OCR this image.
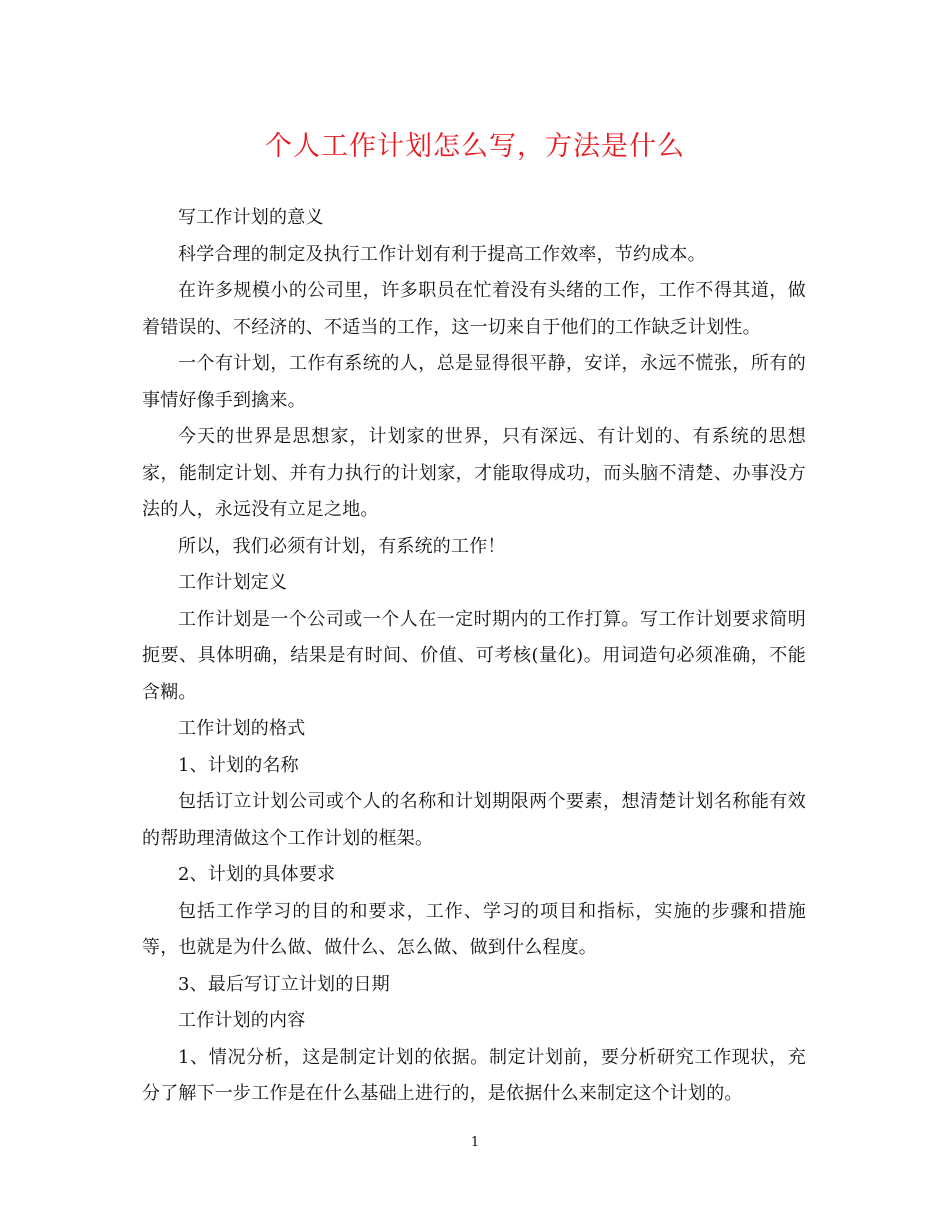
个人工作计划怎么写，方法是什么

写工作计划的意义

科学合理的制定及执行工作计划有利于提高工作效率，节约成本。

在许多规模小的公司里，许多职员在忙着没有头绪的工作，工作不得其道，做着错误的、不经济的、不适当的工作，这一切来自于他们的工作缺乏计划性。

一个有计划，工作有系统的人，总是显得很平静，安详，永远不慌张，所有的事情好像手到擒来。

今天的世界是思想家，计划家的世界，只有深远、有计划的、有系统的思想家，能制定计划、并有力执行的计划家，才能取得成功，而头脑不清楚、办事没方法的人，永远没有立足之地。

所以，我们必须有计划，有系统的工作！

工作计划定义

工作计划是一个公司或一个人在一定时期内的工作打算。写工作计划要求简明扼要、具体明确，结果是有时间、价值、可考核(量化)。用词造句必须准确，不能含糊。

工作计划的格式

1、计划的名称

包括订立计划公司或个人的名称和计划期限两个要素，想清楚计划名称能有效的帮助理清做这个工作计划的框架。

2、计划的具体要求

包括工作学习的目的和要求，工作、学习的项目和指标，实施的步骤和措施等，也就是为什么做、做什么、怎么做、做到什么程度。

3、最后写订立计划的日期

工作计划的内容

1、情况分析，这是制定计划的依据。制定计划前，要分析研究工作现状，充分了解下一步工作是在什么基础上进行的，是依据什么来制定这个计划的。

1
